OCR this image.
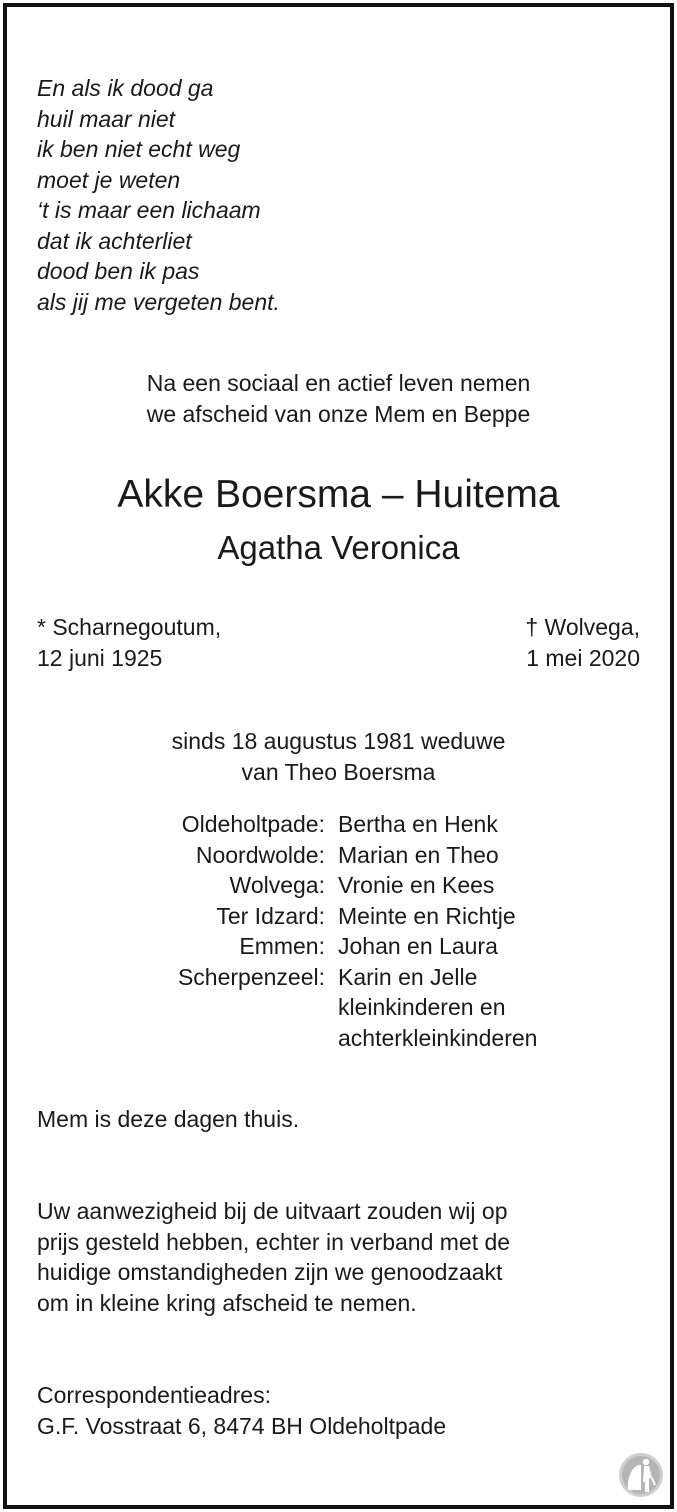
En als ik dood ga
huil maar niet
ik ben niet echt weg
moet je weten
‘t is maar een lichaam
dat ik achterliet
dood ben ik pas
als jij me vergeten bent.
Na een sociaal en actief leven nemen
we afscheid van onze Mem en Beppe
Akke Boersma – Huitema
Agatha Veronica
* Scharnegoutum,
12 juni 1925
† Wolvega,
1 mei 2020
sinds 18 augustus 1981 weduwe
van Theo Boersma
Oldeholtpade: Bertha en Henk
Noordwolde: Marian en Theo
Wolvega: Vronie en Kees
Ter Idzard: Meinte en Richtje
Emmen: Johan en Laura
Scherpenzeel: Karin en Jelle
kleinkinderen en
achterkleinkinderen
Mem is deze dagen thuis.
Uw aanwezigheid bij de uitvaart zouden wij op
prijs gesteld hebben, echter in verband met de
huidige omstandigheden zijn we genoodzaakt
om in kleine kring afscheid te nemen.
Correspondentieadres:
G.F. Vosstraat 6, 8474 BH Oldeholtpade
